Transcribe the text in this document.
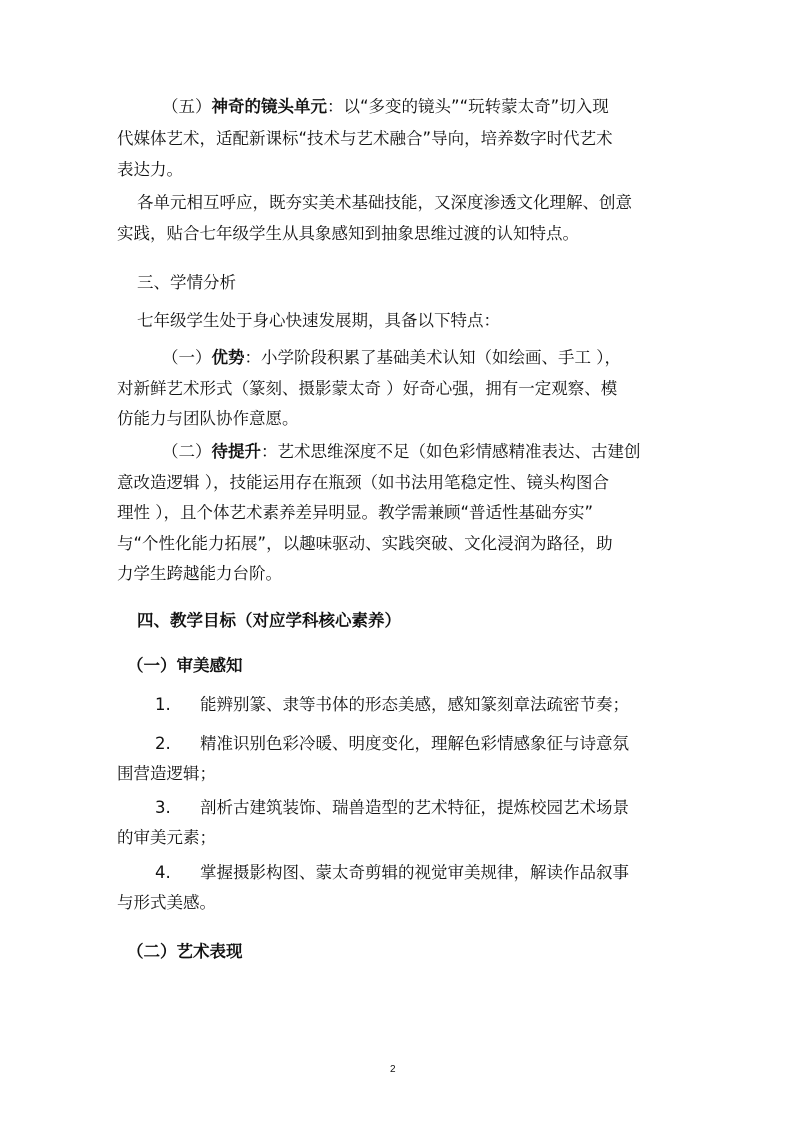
（五）神奇的镜头单元：以“多变的镜头”“玩转蒙太奇”切入现
代媒体艺术，适配新课标“技术与艺术融合”导向，培养数字时代艺术
表达力。
各单元相互呼应，既夯实美术基础技能，又深度渗透文化理解、创意
实践，贴合七年级学生从具象感知到抽象思维过渡的认知特点。
三、学情分析
七年级学生处于身心快速发展期，具备以下特点：
（一）优势：小学阶段积累了基础美术认知（如绘画、手工 ），
对新鲜艺术形式（篆刻、摄影蒙太奇 ）好奇心强，拥有一定观察、模
仿能力与团队协作意愿。
（二）待提升：艺术思维深度不足（如色彩情感精准表达、古建创
意改造逻辑 ），技能运用存在瓶颈（如书法用笔稳定性、镜头构图合
理性 ），且个体艺术素养差异明显。教学需兼顾“普适性基础夯实”
与“个性化能力拓展”，以趣味驱动、实践突破、文化浸润为路径，助
力学生跨越能力台阶。
四、教学目标（对应学科核心素养）
（一）审美感知
1. 能辨别篆、隶等书体的形态美感，感知篆刻章法疏密节奏；
2. 精准识别色彩冷暖、明度变化，理解色彩情感象征与诗意氛
围营造逻辑；
3. 剖析古建筑装饰、瑞兽造型的艺术特征，提炼校园艺术场景
的审美元素；
4. 掌握摄影构图、蒙太奇剪辑的视觉审美规律，解读作品叙事
与形式美感。
（二）艺术表现
2
